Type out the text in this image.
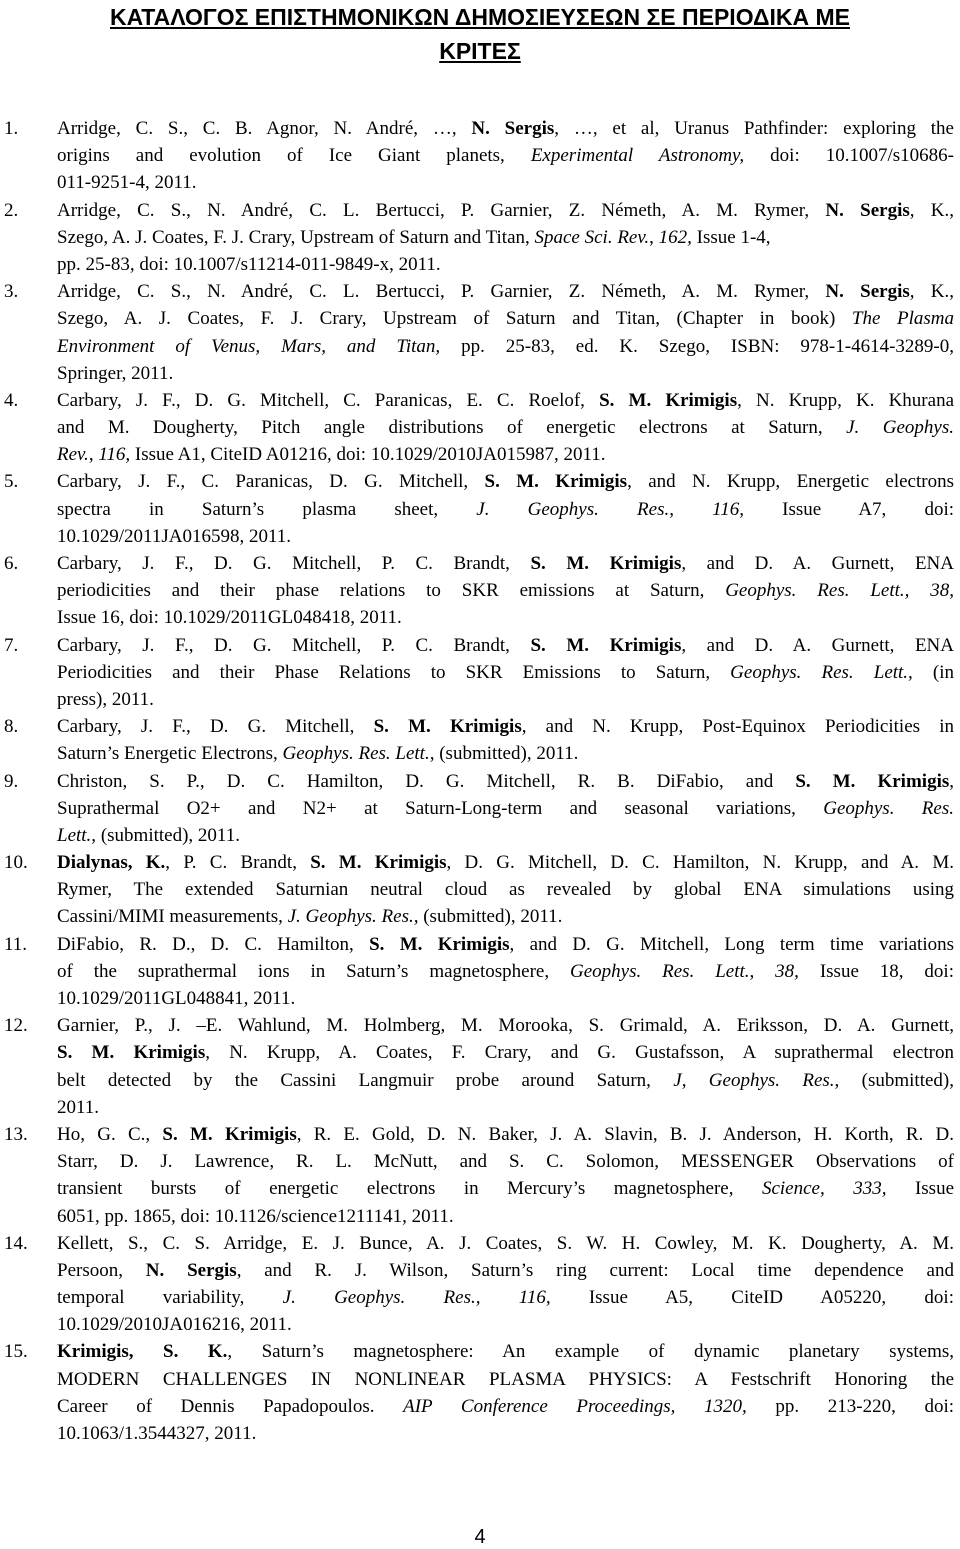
ΚΑΤΑΛΟΓΟΣ ΕΠΙΣΤΗΜΟΝΙΚΩΝ ΔΗΜΟΣΙΕΥΣΕΩΝ ΣΕ ΠΕΡΙΟΔΙΚΑ ΜΕ
ΚΡΙΤΕΣ
1. Arridge, C. S., C. B. Agnor, N. André, …, N. Sergis, …, et al, Uranus Pathfinder: exploring the
origins and evolution of Ice Giant planets, Experimental Astronomy, doi: 10.1007/s10686-
011-9251-4, 2011.
2. Arridge, C. S., N. André, C. L. Bertucci, P. Garnier, Z. Németh, A. M. Rymer, N. Sergis, K.,
Szego, A. J. Coates, F. J. Crary, Upstream of Saturn and Titan, Space Sci. Rev., 162, Issue 1-4,
pp. 25-83, doi: 10.1007/s11214-011-9849-x, 2011.
3. Arridge, C. S., N. André, C. L. Bertucci, P. Garnier, Z. Németh, A. M. Rymer, N. Sergis, K.,
Szego, A. J. Coates, F. J. Crary, Upstream of Saturn and Titan, (Chapter in book) The Plasma
Environment of Venus, Mars, and Titan, pp. 25-83, ed. K. Szego, ISBN: 978-1-4614-3289-0,
Springer, 2011.
4. Carbary, J. F., D. G. Mitchell, C. Paranicas, E. C. Roelof, S. M. Krimigis, N. Krupp, K. Khurana
and M. Dougherty, Pitch angle distributions of energetic electrons at Saturn, J. Geophys.
Rev., 116, Issue A1, CiteID A01216, doi: 10.1029/2010JA015987, 2011.
5. Carbary, J. F., C. Paranicas, D. G. Mitchell, S. M. Krimigis, and N. Krupp, Energetic electrons
spectra in Saturn’s plasma sheet, J. Geophys. Res., 116, Issue A7, doi:
10.1029/2011JA016598, 2011.
6. Carbary, J. F., D. G. Mitchell, P. C. Brandt, S. M. Krimigis, and D. A. Gurnett, ENA
periodicities and their phase relations to SKR emissions at Saturn, Geophys. Res. Lett., 38,
Issue 16, doi: 10.1029/2011GL048418, 2011.
7. Carbary, J. F., D. G. Mitchell, P. C. Brandt, S. M. Krimigis, and D. A. Gurnett, ENA
Periodicities and their Phase Relations to SKR Emissions to Saturn, Geophys. Res. Lett., (in
press), 2011.
8. Carbary, J. F., D. G. Mitchell, S. M. Krimigis, and N. Krupp, Post-Equinox Periodicities in
Saturn’s Energetic Electrons, Geophys. Res. Lett., (submitted), 2011.
9. Christon, S. P., D. C. Hamilton, D. G. Mitchell, R. B. DiFabio, and S. M. Krimigis,
Suprathermal O2+ and N2+ at Saturn-Long-term and seasonal variations, Geophys. Res.
Lett., (submitted), 2011.
10. Dialynas, K., P. C. Brandt, S. M. Krimigis, D. G. Mitchell, D. C. Hamilton, N. Krupp, and A. M.
Rymer, The extended Saturnian neutral cloud as revealed by global ENA simulations using
Cassini/MIMI measurements, J. Geophys. Res., (submitted), 2011.
11. DiFabio, R. D., D. C. Hamilton, S. M. Krimigis, and D. G. Mitchell, Long term time variations
of the suprathermal ions in Saturn’s magnetosphere, Geophys. Res. Lett., 38, Issue 18, doi:
10.1029/2011GL048841, 2011.
12. Garnier, P., J. –E. Wahlund, M. Holmberg, M. Morooka, S. Grimald, A. Eriksson, D. A. Gurnett,
S. M. Krimigis, N. Krupp, A. Coates, F. Crary, and G. Gustafsson, A suprathermal electron
belt detected by the Cassini Langmuir probe around Saturn, J, Geophys. Res., (submitted),
2011.
13. Ho, G. C., S. M. Krimigis, R. E. Gold, D. N. Baker, J. A. Slavin, B. J. Anderson, H. Korth, R. D.
Starr, D. J. Lawrence, R. L. McNutt, and S. C. Solomon, MESSENGER Observations of
transient bursts of energetic electrons in Mercury’s magnetosphere, Science, 333, Issue
6051, pp. 1865, doi: 10.1126/science1211141, 2011.
14. Kellett, S., C. S. Arridge, E. J. Bunce, A. J. Coates, S. W. H. Cowley, M. K. Dougherty, A. M.
Persoon, N. Sergis, and R. J. Wilson, Saturn’s ring current: Local time dependence and
temporal variability, J. Geophys. Res., 116, Issue A5, CiteID A05220, doi:
10.1029/2010JA016216, 2011.
15. Krimigis, S. K., Saturn’s magnetosphere: An example of dynamic planetary systems,
MODERN CHALLENGES IN NONLINEAR PLASMA PHYSICS: A Festschrift Honoring the
Career of Dennis Papadopoulos. AIP Conference Proceedings, 1320, pp. 213-220, doi:
10.1063/1.3544327, 2011.
4
